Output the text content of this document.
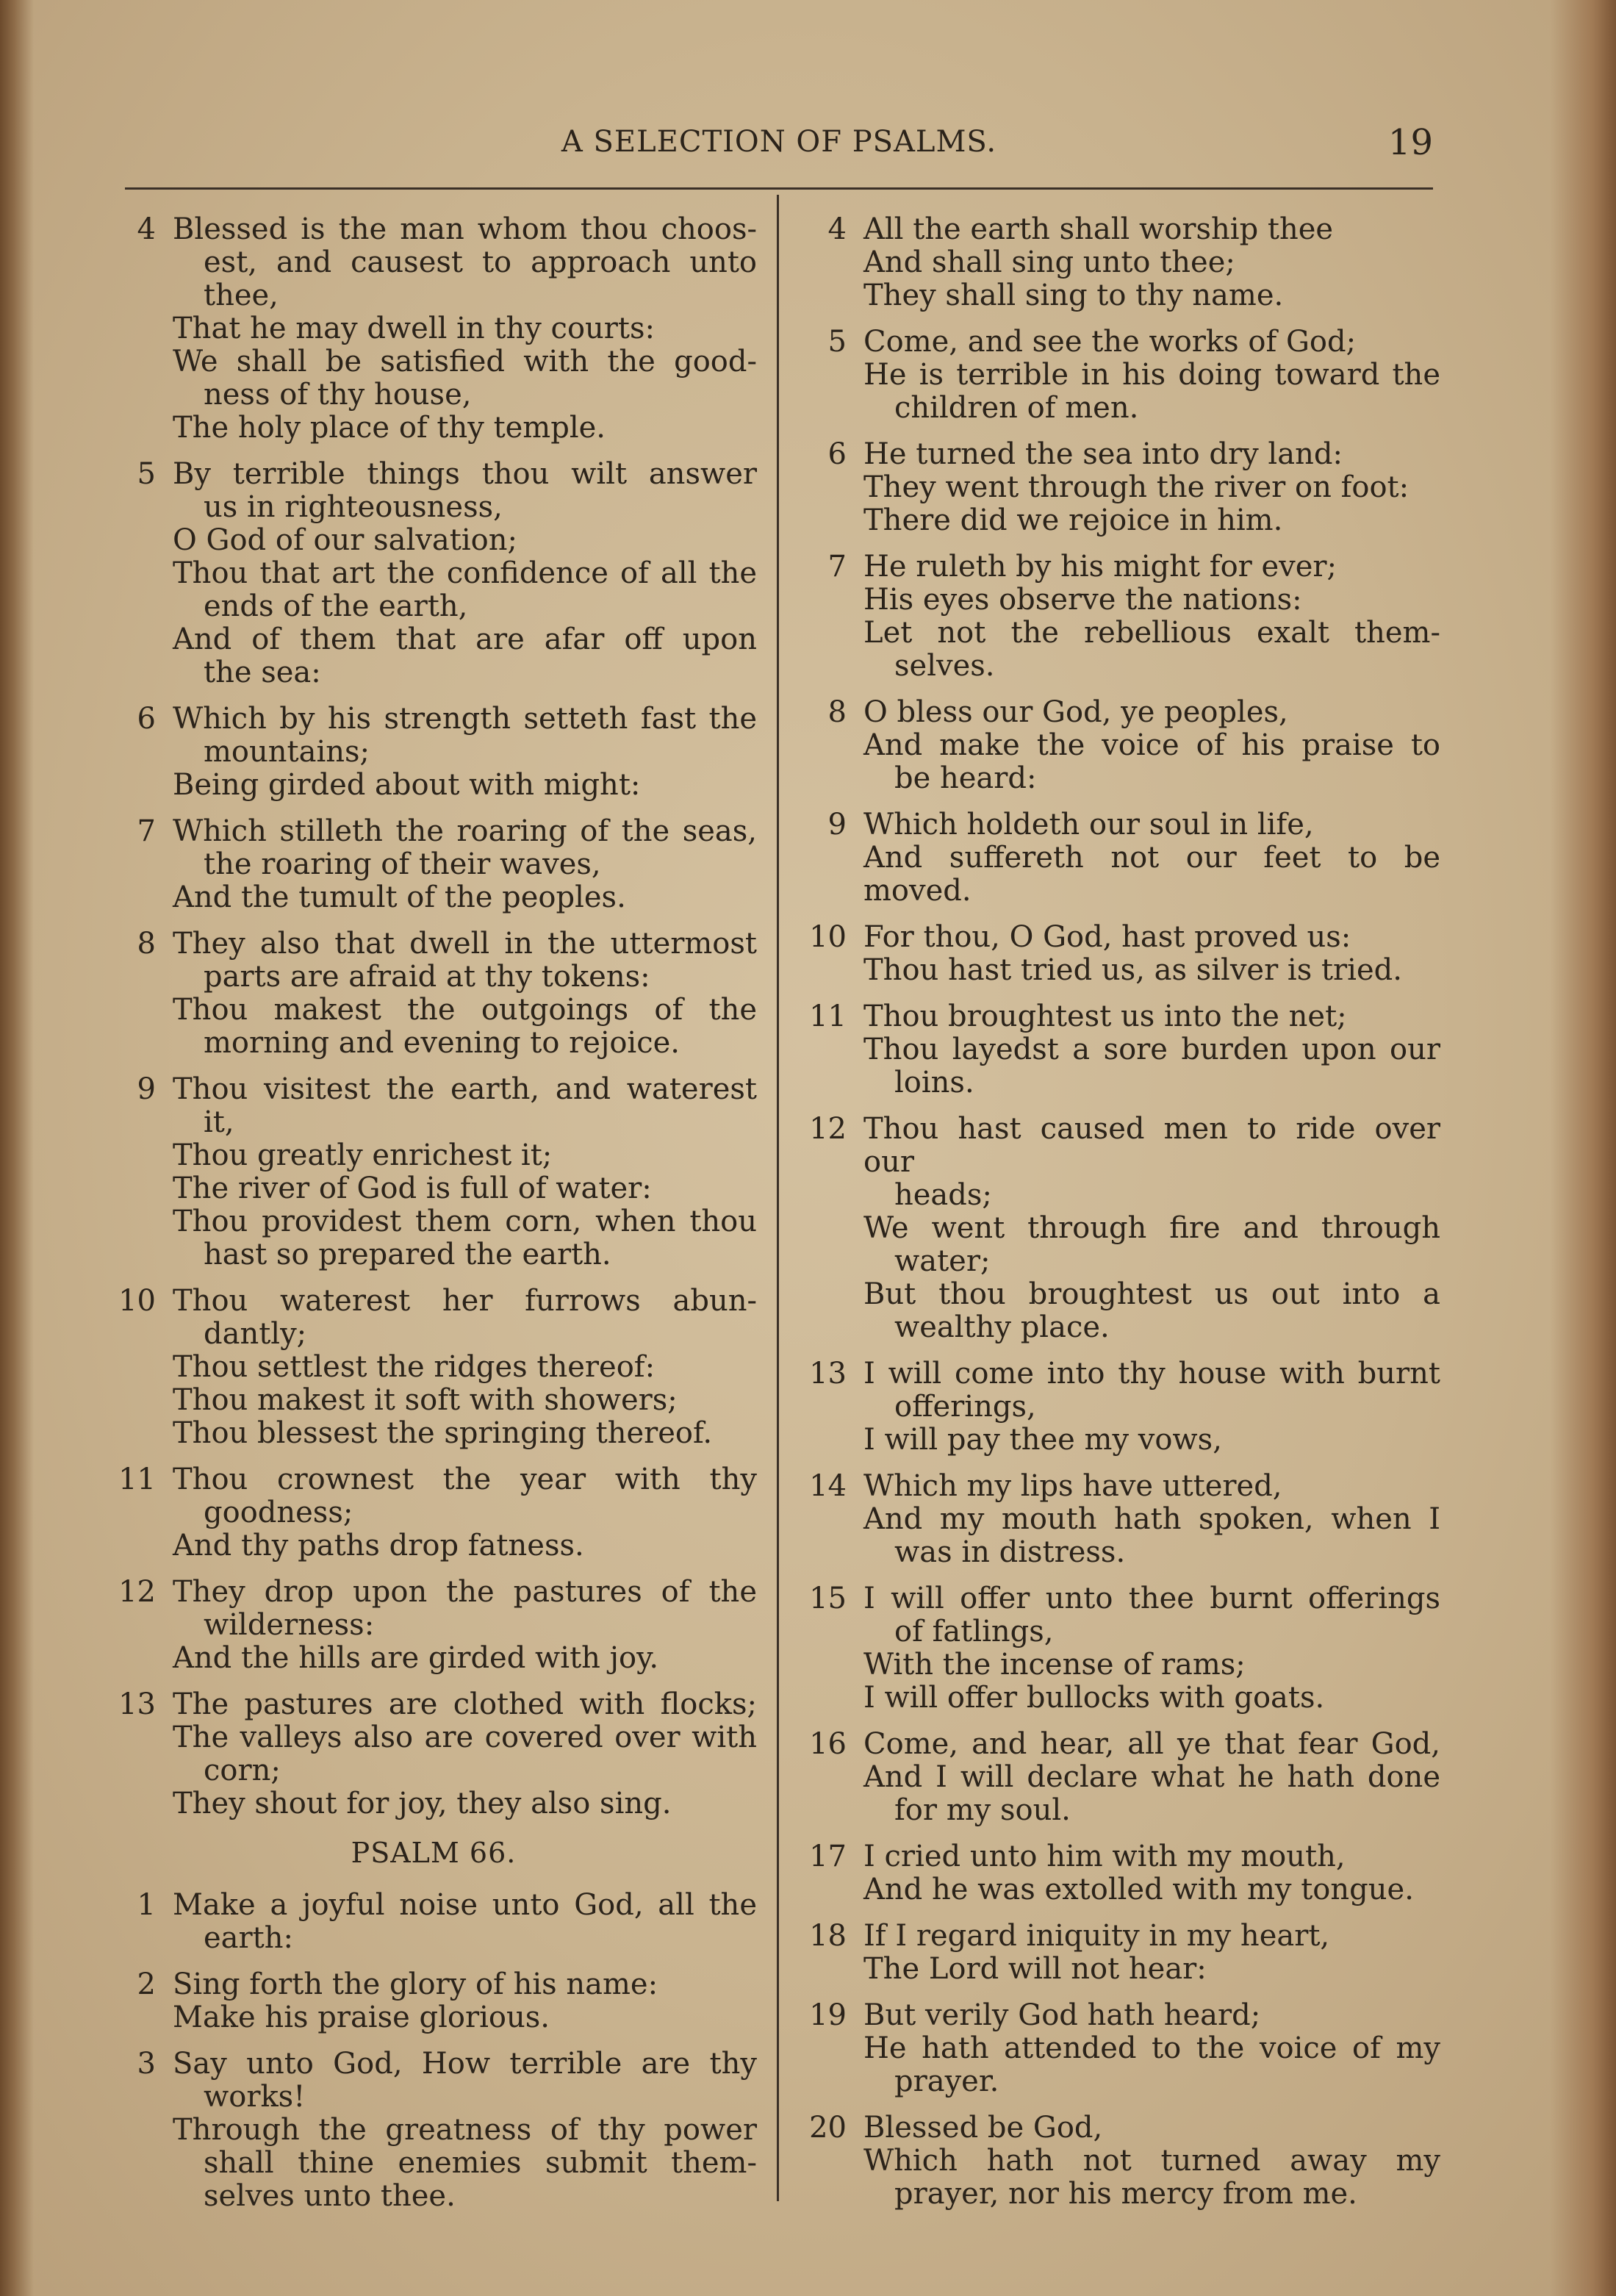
A SELECTION OF PSALMS.	19
4 Blessed is the man whom thou choos-
est, and causest to approach unto
thee,
That he may dwell in thy courts:
We shall be satisfied with the good-
ness of thy house,
The holy place of thy temple.
5 By terrible things thou wilt answer
us in righteousness,
O God of our salvation;
Thou that art the confidence of all the
ends of the earth,
And of them that are afar off upon
the sea:
6 Which by his strength setteth fast the
mountains;
Being girded about with might:
7 Which stilleth the roaring of the seas,
the roaring of their waves,
And the tumult of the peoples.
8 They also that dwell in the uttermost
parts are afraid at thy tokens:
Thou makest the outgoings of the
morning and evening to rejoice.
9 Thou visitest the earth, and waterest
it,
Thou greatly enrichest it;
The river of God is full of water:
Thou providest them corn, when thou
hast so prepared the earth.
10 Thou waterest her furrows abun-
dantly;
Thou settlest the ridges thereof:
Thou makest it soft with showers;
Thou blessest the springing thereof.
11 Thou crownest the year with thy
goodness;
And thy paths drop fatness.
12 They drop upon the pastures of the
wilderness:
And the hills are girded with joy.
13 The pastures are clothed with flocks;
The valleys also are covered over with
corn;
They shout for joy, they also sing.
PSALM 66.
1 Make a joyful noise unto God, all the
earth:
2 Sing forth the glory of his name:
Make his praise glorious.
3 Say unto God, How terrible are thy
works!
Through the greatness of thy power
shall thine enemies submit them-
selves unto thee.
4 All the earth shall worship thee
And shall sing unto thee;
They shall sing to thy name.
5 Come, and see the works of God;
He is terrible in his doing toward the
children of men.
6 He turned the sea into dry land:
They went through the river on foot:
There did we rejoice in him.
7 He ruleth by his might for ever;
His eyes observe the nations:
Let not the rebellious exalt them-
selves.
8 O bless our God, ye peoples,
And make the voice of his praise to
be heard:
9 Which holdeth our soul in life,
And suffereth not our feet to be moved.
10 For thou, O God, hast proved us:
Thou hast tried us, as silver is tried.
11 Thou broughtest us into the net;
Thou layedst a sore burden upon our
loins.
12 Thou hast caused men to ride over our
heads;
We went through fire and through
water;
But thou broughtest us out into a
wealthy place.
13 I will come into thy house with burnt
offerings,
I will pay thee my vows,
14 Which my lips have uttered,
And my mouth hath spoken, when I
was in distress.
15 I will offer unto thee burnt offerings
of fatlings,
With the incense of rams;
I will offer bullocks with goats.
16 Come, and hear, all ye that fear God,
And I will declare what he hath done
for my soul.
17 I cried unto him with my mouth,
And he was extolled with my tongue.
18 If I regard iniquity in my heart,
The Lord will not hear:
19 But verily God hath heard;
He hath attended to the voice of my
prayer.
20 Blessed be God,
Which hath not turned away my
prayer, nor his mercy from me.
